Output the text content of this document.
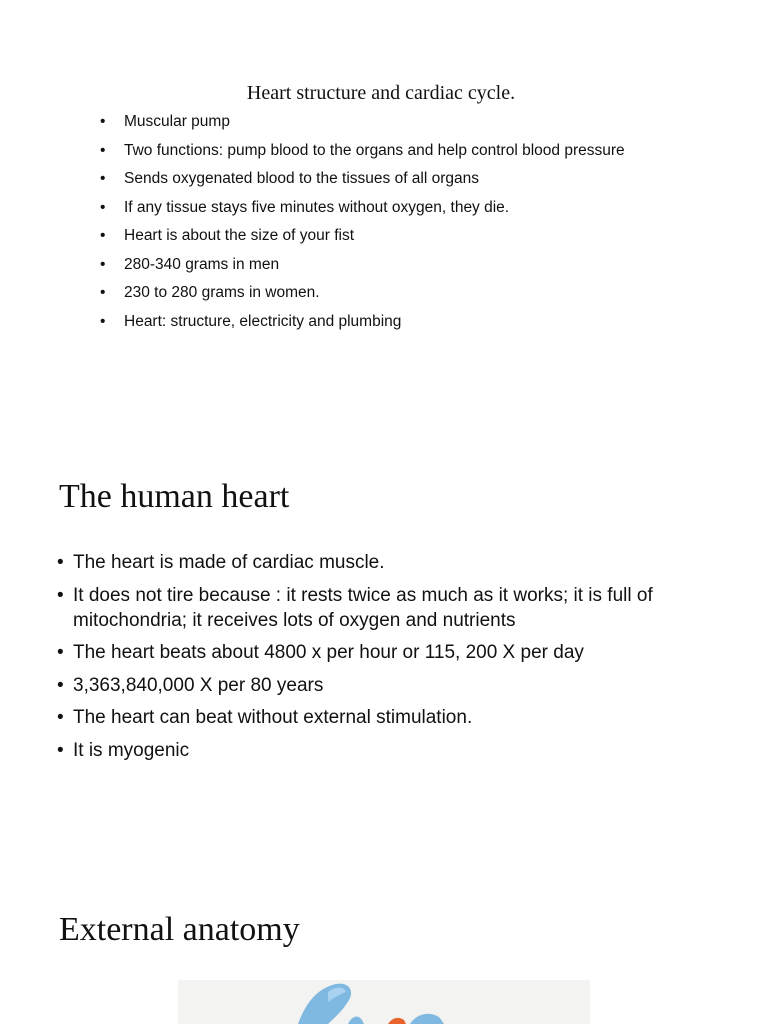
Heart structure and cardiac cycle.
• Muscular pump
• Two functions: pump blood to the organs and help control blood pressure
• Sends oxygenated blood to the tissues of all organs
• If any tissue stays five minutes without oxygen, they die.
• Heart is about the size of your fist
• 280-340 grams in men
• 230 to 280 grams in women.
• Heart: structure, electricity and plumbing
The human heart
• The heart is made of cardiac muscle.
• It does not tire because : it rests twice as much as it works; it is full of mitochondria; it receives lots of oxygen and nutrients
• The heart beats about 4800 x per hour or 115, 200 X per day
• 3,363,840,000 X per 80 years
• The heart can beat without external stimulation.
• It is myogenic
External anatomy
